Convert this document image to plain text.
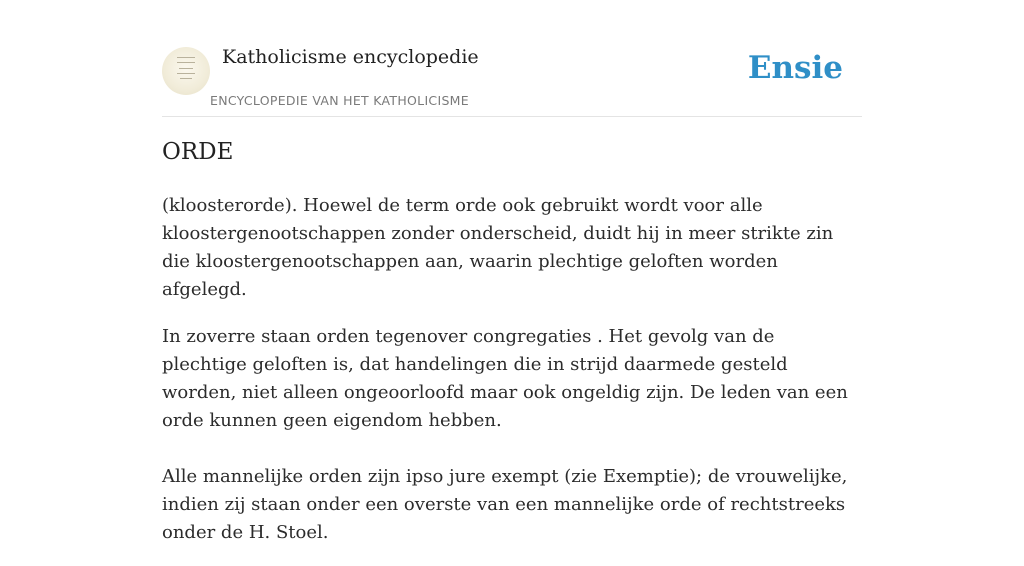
Katholicisme encyclopedie
ENCYCLOPEDIE VAN HET KATHOLICISME
Ensie
ORDE

(kloosterorde). Hoewel de term orde ook gebruikt wordt voor alle kloostergenootschappen zonder onderscheid, duidt hij in meer strikte zin die kloostergenootschappen aan, waarin plechtige geloften worden afgelegd.

In zoverre staan orden tegenover congregaties . Het gevolg van de plechtige geloften is, dat handelingen die in strijd daarmede gesteld worden, niet alleen ongeoorloofd maar ook ongeldig zijn. De leden van een orde kunnen geen eigendom hebben.

Alle mannelijke orden zijn ipso jure exempt (zie Exemptie); de vrouwelijke, indien zij staan onder een overste van een mannelijke orde of rechtstreeks onder de H. Stoel.
